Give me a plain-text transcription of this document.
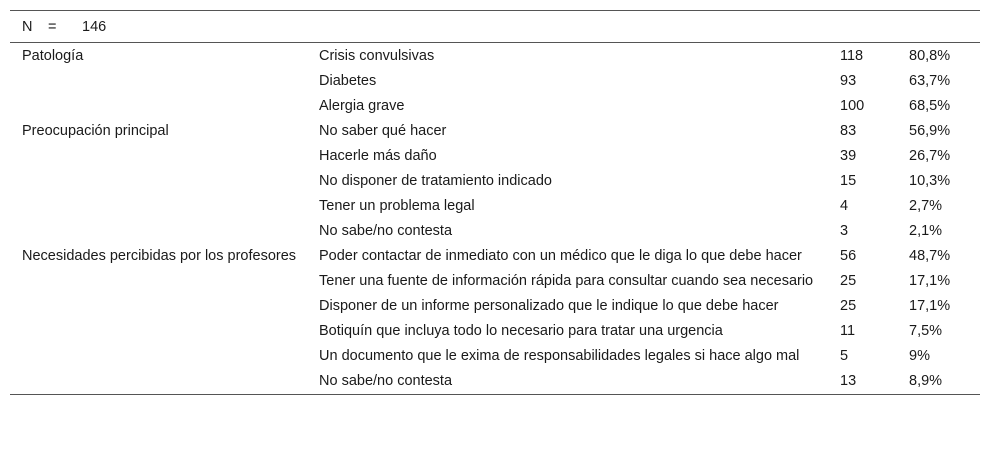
N	=	146
Patología	Crisis convulsivas	118	80,8%
	Diabetes	93	63,7%
	Alergia grave	100	68,5%
Preocupación principal	No saber qué hacer	83	56,9%
	Hacerle más daño	39	26,7%
	No disponer de tratamiento indicado	15	10,3%
	Tener un problema legal	4	2,7%
	No sabe/no contesta	3	2,1%
Necesidades percibidas por los profesores	Poder contactar de inmediato con un médico que le diga lo que debe hacer	56	48,7%
	Tener una fuente de información rápida para consultar cuando sea necesario	25	17,1%
	Disponer de un informe personalizado que le indique lo que debe hacer	25	17,1%
	Botiquín que incluya todo lo necesario para tratar una urgencia	11	7,5%
	Un documento que le exima de responsabilidades legales si hace algo mal	5	9%
	No sabe/no contesta	13	8,9%
